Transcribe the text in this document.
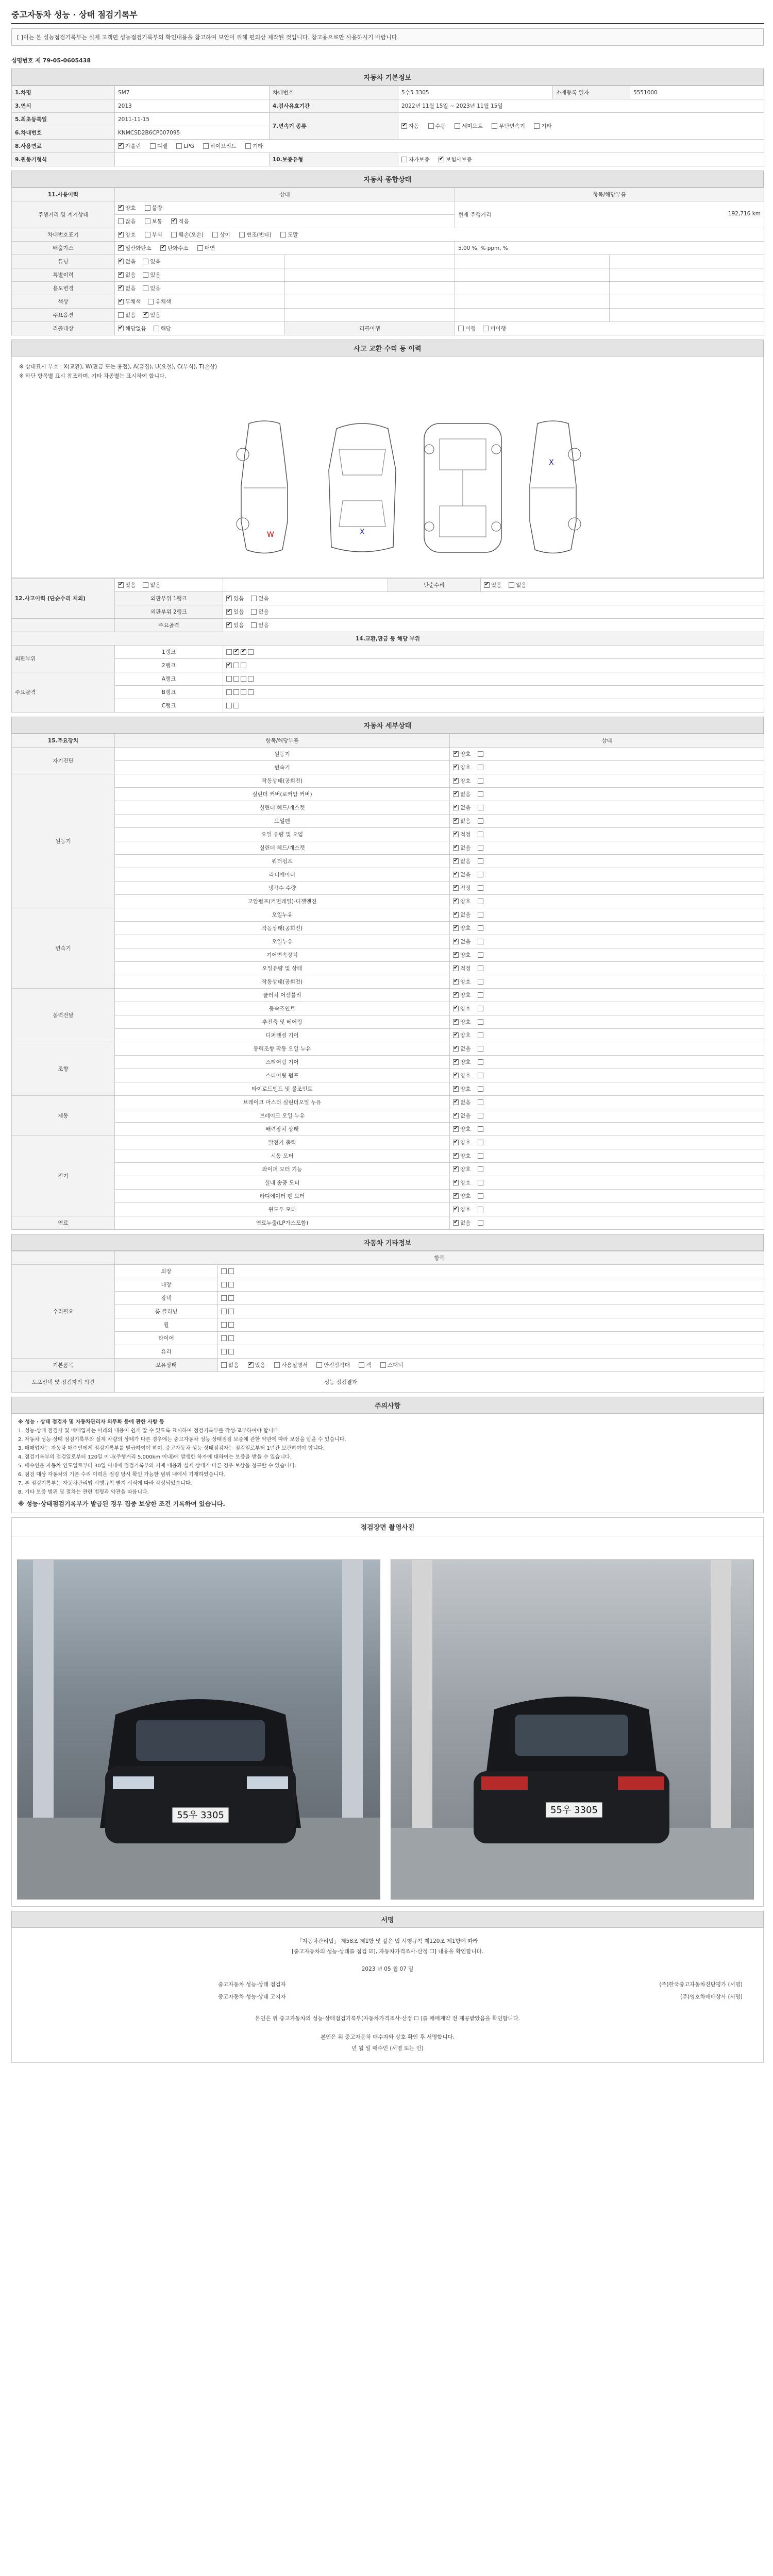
중고자동차 성능 · 상태 점검기록부
[ ]이는 본 성능점검기록부는 실제 고객편 성능점검기록부의 확인내용을 참고하여 보안이 위해 편의상 제작된 것입니다. 참고용으로만 사용하시기 바랍니다.
성명번호 제 79-05-0605438
자동차 기본정보
1.차명	SM7	차대번호	5수5 3305	소재등록 일자	5551000
3.연식	2013	4.검사유효기간	2022년 11월 15일 ~ 2023년 11월 15일		
5.최초등록일	2011-11-15	7.변속기 종류	✔자동 수동 세미오토 무단변속기 기타
6.차대번호	KNMCSD2B6CP007095				
8.사용연료	✔가솔린 디젤 LPG 하이브리드 기타
9.원동기형식		10.보증유형	자가보증 ✔ 보험사보증
자동차 종합상태
11.사용이력	상태		항목/해당부품	
주행거리 및 계기상태	✔양호 불량		현재 주행거리 192,716 km	

	많음 보통 ✔ 적음
차대번호표기	✔양호 부식 훼손(오손) 상이 변조(변타) 도말
배출가스	✔일산화탄소 ✔ 탄화수소 매연		5.00 %, % ppm, %	
튜닝	✔없음 있음			
특별이력	✔없음 있음			
용도변경	✔없음 있음			
색상	✔무채색 유채색			
주요옵션	없음 ✔ 있음			
리콜대상	✔해당없음 해당	리콜이행	이행 미이행	
사고 교환 수리 등 이력
※ 상태표시 부호 : X(교환), W(판금 또는 용접), A(흠집), U(요철), C(부식), T(손상)
※ 하단 항목별 표시 참조하며, 기타 차종별는 표시하여 합니다.
W	X
X
12.사고이력 (단순수리 제외)	✔있음 없음		단순수리	✔있음 없음
	외판부위 1랭크	✔있음 없음
	외판부위 2랭크	✔있음 없음
	주요골격	✔있음 없음
14.교환,판금 등 해당 부위				
외판부위	1랭크	✔✔
	2랭크	✔
주요골격	A랭크			
	B랭크			
	C랭크			
자동차 세부상태
15.주요장치	항목/해당부품	상태
자기진단	원동기	✔양호
	변속기	✔양호
원동기	작동상태(공회전)	✔양호
	실린더 커버(로커암 커버)	✔없음
	실린더 헤드/개스켓	✔없음
	오일팬	✔없음
	오일 유량 및 오염	✔적정
	실린더 헤드/개스켓	✔없음
	워터펌프	✔없음
	라디에이터	✔없음
	냉각수 수량	✔적정
	고압펌프(커먼레일)-디젤엔진	✔양호
변속기	오일누유	✔없음
	작동상태(공회전)	✔양호
	오일누유	✔없음
	기어변속장치	✔양호
	오일유량 및 상태	✔적정
	작동상태(공회전)	✔양호
동력전달	클러치 어셈블리	✔양호
	등속조인트	✔양호
	추진축 및 베어링	✔양호
	디퍼렌셜 기어	✔양호
조향	동력조향 작동 오일 누유	✔없음
	스티어링 기어	✔양호
	스티어링 펌프	✔양호
	타이로드엔드 및 볼조인트	✔양호
제동	브레이크 마스터 실린더오일 누유	✔없음
	브레이크 오일 누유	✔없음
	배력장치 상태	✔양호
전기	발전기 출력	✔양호
	시동 모터	✔양호
	와이퍼 모터 기능	✔양호
	실내 송풍 모터	✔양호
	라디에이터 팬 모터	✔양호
	윈도우 모터	✔양호
연료	연료누출(LP가스포함)	✔없음
자동차 기타정보
	항목	
수리필요	외장	
	내장	
	광택	
	룸 클리닝	
	휠	
	타이어	
	유리	
기본품목	보유상태	없음 ✔ 있음 사용설명서 안전삼각대 잭 스패너
도포선택 및 점검자의 의견	성능 점검결과	
주의사항

※ 성능 · 상태 점검자 및 자동차관리자 의무화 등에 관한 사항 등

1. 성능·상태 점검자 및 매매업자는 아래의 내용이 쉽게 알 수 있도록 표시하여 점검기록부를 작성·교부하여야 합니다.

2. 자동차 성능·상태 점검기록부와 실제 차량의 상태가 다른 경우에는 중고자동차 성능·상태점검 보증에 관한 약관에 따라 보상을 받을 수 있습니다.

3. 매매업자는 자동차 매수인에게 점검기록부를 발급하여야 하며, 중고자동차 성능·상태점검자는 점검일로부터 1년간 보관하여야 합니다.

4. 점검기록부의 점검일로부터 120일 이내(주행거리 5,000km 이내)에 발생한 하자에 대하여는 보증을 받을 수 있습니다.

5. 매수인은 자동차 인도일로부터 30일 이내에 점검기록부의 기재 내용과 실제 상태가 다른 경우 보상을 청구할 수 있습니다.

6. 점검 대상 자동차의 기존 수리 이력은 점검 당시 확인 가능한 범위 내에서 기재하였습니다.

7. 본 점검기록부는 자동차관리법 시행규칙 별지 서식에 따라 작성되었습니다.

8. 기타 보증 범위 및 절차는 관련 법령과 약관을 따릅니다.

※ 성능·상태점검기록부가 발급된 경우 집중 보상한 조건 기록하여 있습니다.

점검장면 촬영사진
55우 3305	55우 3305
서명
「자동차관리법」 제58조 제1항 및 같은 법 시행규칙 제120조 제1항에 따라
[중고자동차의 성능·상태를 점검 ☑], 자동차가격조사·산정 ☐] 내용을 확인합니다.
2023 년 05 월 07 일
중고자동차 성능·상태 점검자	(주)한국중고자동차진단평가 (서명)
중고자동차 성능·상태 고지자	(주)영호차매매상사 (서명)
본인은 위 중고자동차의 성능·상태점검기록부(자동차가격조사·산정 ☐ )를 매매계약 전 제공받았음을 확인합니다.
본인은 위 중고자동차 매수자와 상호 확인 후 서명합니다.
년 월 일 매수인 (서명 또는 인)
